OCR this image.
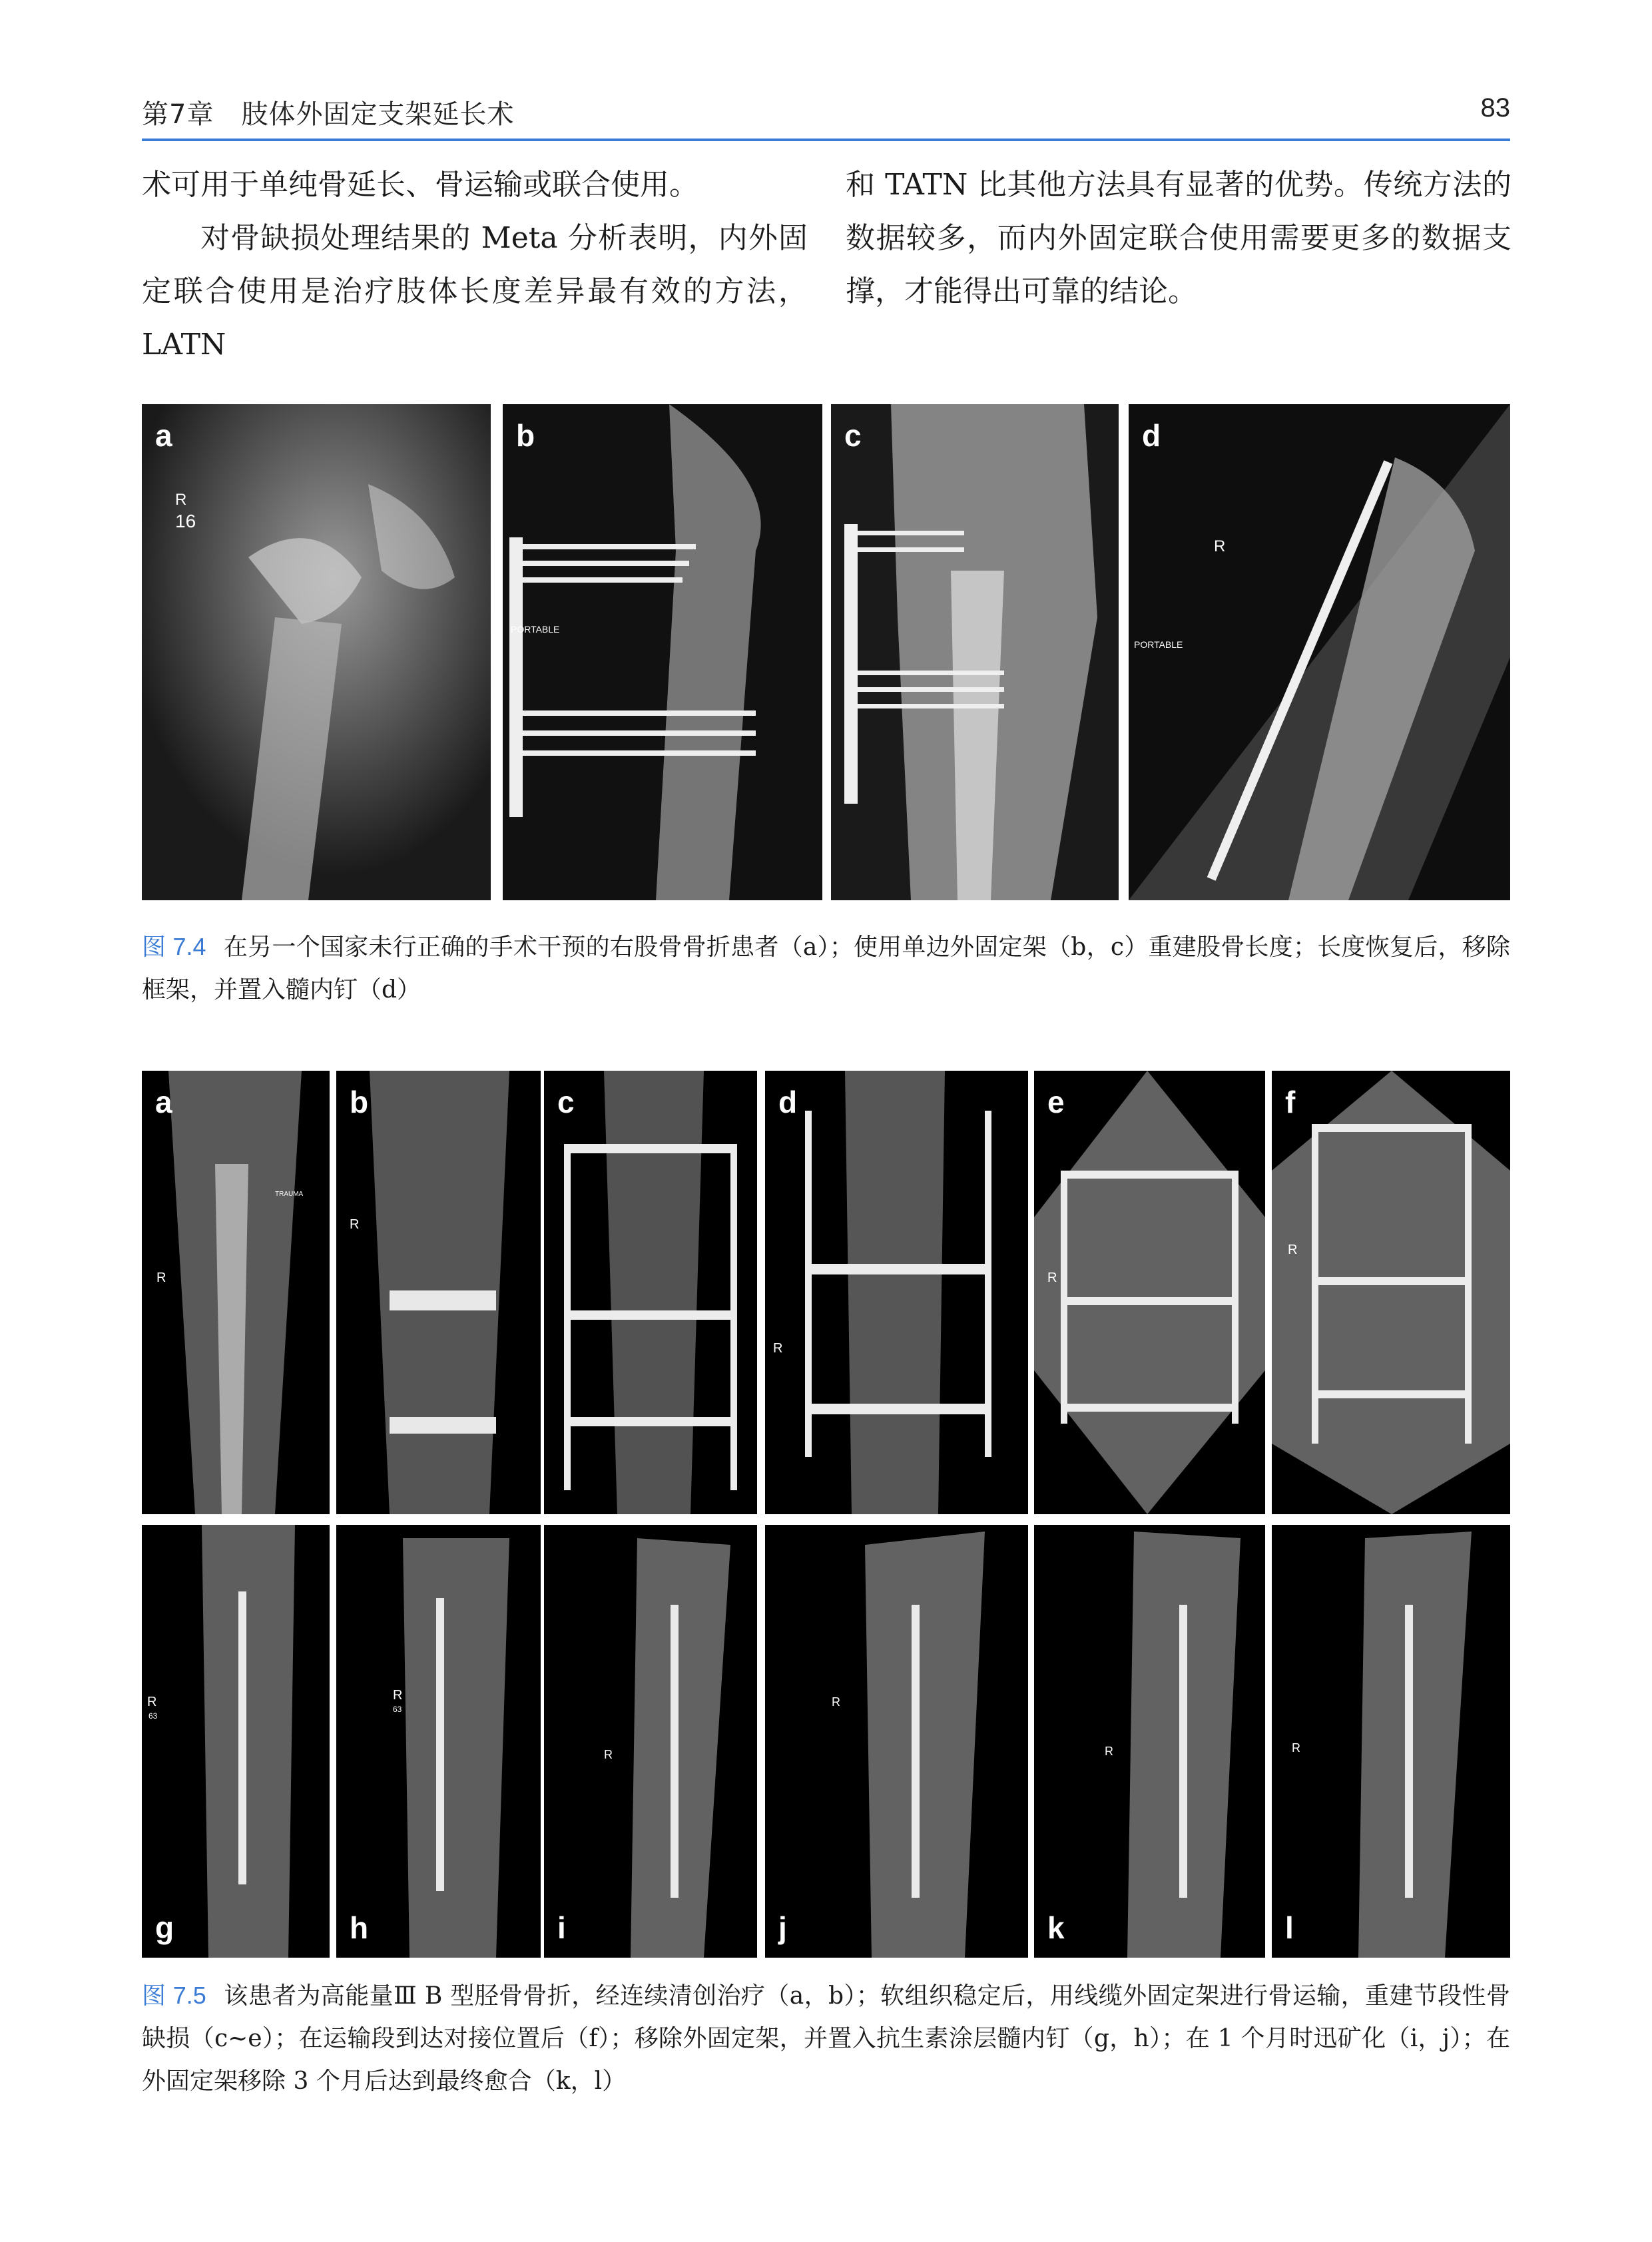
第7章　肢体外固定支架延长术	83

术可用于单纯骨延长、骨运输或联合使用。

对骨缺损处理结果的 Meta 分析表明，内外固定联合使用是治疗肢体长度差异最有效的方法，LATN

和 TATN 比其他方法具有显著的优势。传统方法的数据较多，而内外固定联合使用需要更多的数据支撑，才能得出可靠的结论。

a
R
16
b
PORTABLE
c	d
R
PORTABLE
图 7.4 在另一个国家未行正确的手术干预的右股骨骨折患者（a）；使用单边外固定架（b，c）重建股骨长度；长度恢复后，移除框架，并置入髓内钉（d）
a
R
TRAUMA
b
R
c	d
R
e
R
f
R
g
R
63
h
R
63
i
R
j
R
k
R
l
R
图 7.5 该患者为高能量Ⅲ B 型胫骨骨折，经连续清创治疗（a，b）；软组织稳定后，用线缆外固定架进行骨运输，重建节段性骨缺损（c~e）；在运输段到达对接位置后（f）；移除外固定架，并置入抗生素涂层髓内钉（g，h）；在 1 个月时迅矿化（i，j）；在外固定架移除 3 个月后达到最终愈合（k，l）
